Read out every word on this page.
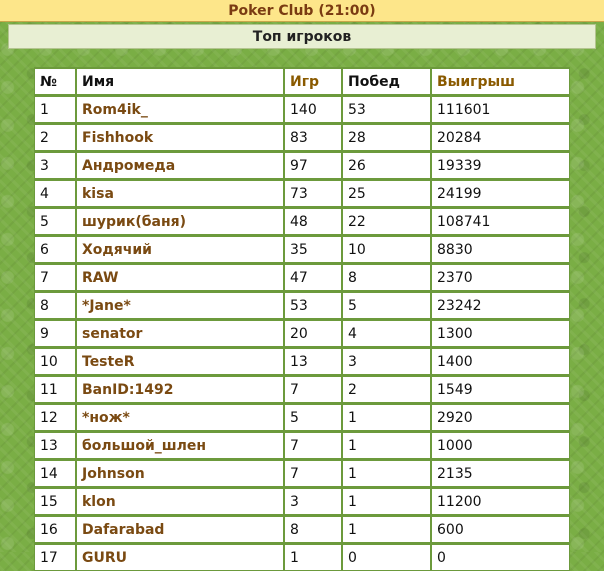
Poker Club (21:00)
Топ игроков
№	Имя	Игр	Побед	Выигрыш
1	Rom4ik_	140	53	111601
2	Fishhook	83	28	20284
3	Андромеда	97	26	19339
4	kisa	73	25	24199
5	шурик(баня)	48	22	108741
6	Ходячий	35	10	8830
7	RAW	47	8	2370
8	*Jane*	53	5	23242
9	senator	20	4	1300
10	TesteR	13	3	1400
11	BanID:1492	7	2	1549
12	*нож*	5	1	2920
13	большой_шлен	7	1	1000
14	Johnson	7	1	2135
15	klon	3	1	11200
16	Dafarabad	8	1	600
17	GURU	1	0	0
